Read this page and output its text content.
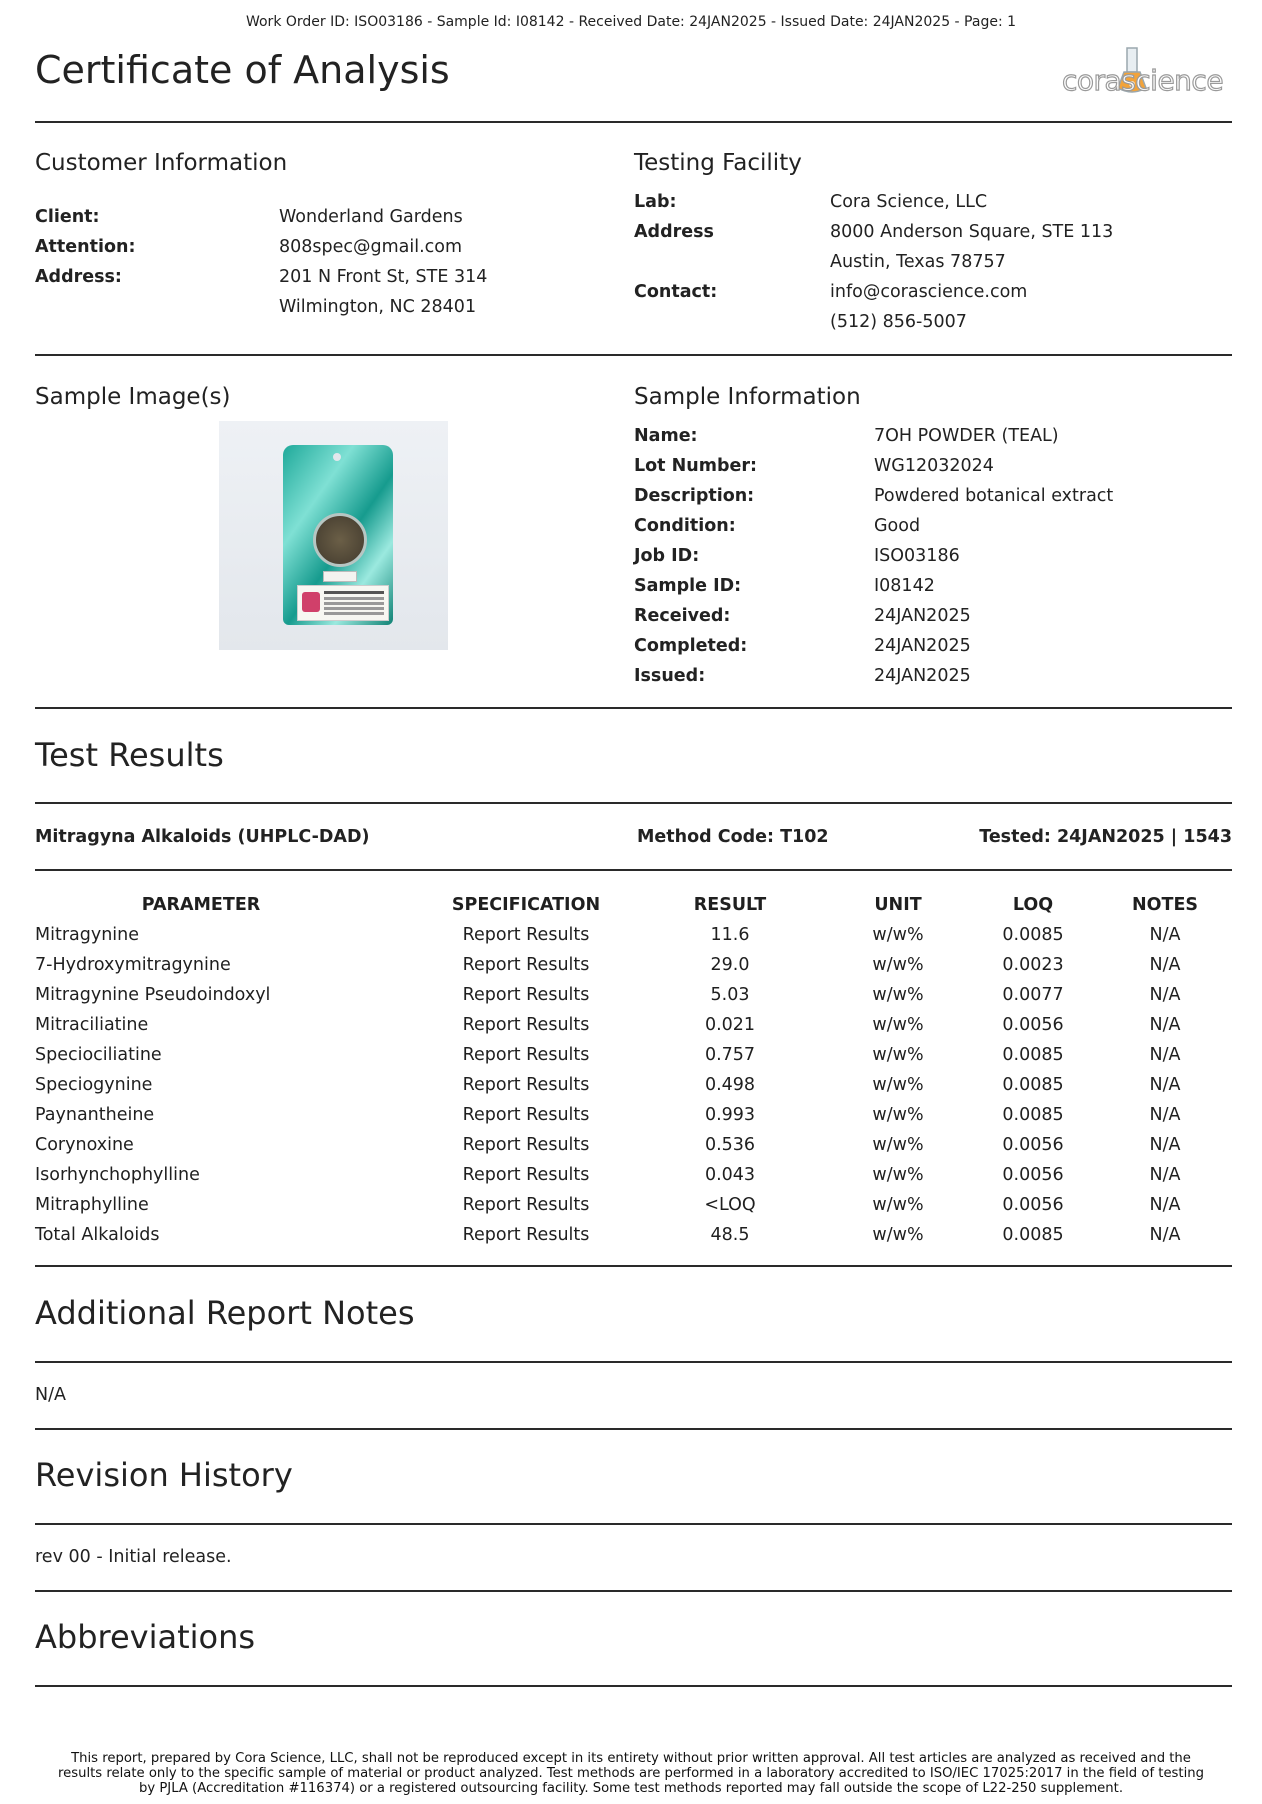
Work Order ID: ISO03186 - Sample Id: I08142 - Received Date: 24JAN2025 - Issued Date: 24JAN2025 - Page: 1
Certificate of Analysis	corascience
Customer Information
Client:	Wonderland Gardens
Attention:	808spec@gmail.com
Address:	201 N Front St, STE 314
Wilmington, NC 28401
Testing Facility
Lab:	Cora Science, LLC
Address	8000 Anderson Square, STE 113
Austin, Texas 78757
Contact:	info@corascience.com
(512) 856-5007
Sample Image(s)	Sample Information
Name:	7OH POWDER (TEAL)
Lot Number:	WG12032024
Description:	Powdered botanical extract
Condition:	Good
Job ID:	ISO03186
Sample ID:	I08142
Received:	24JAN2025
Completed:	24JAN2025
Issued:	24JAN2025
Test Results
Mitragyna Alkaloids (UHPLC-DAD)	Method Code: T102	Tested: 24JAN2025 | 1543
PARAMETER	SPECIFICATION	RESULT	UNIT	LOQ	NOTES
Mitragynine	Report Results	11.6	w/w%	0.0085	N/A
7-Hydroxymitragynine	Report Results	29.0	w/w%	0.0023	N/A
Mitragynine Pseudoindoxyl	Report Results	5.03	w/w%	0.0077	N/A
Mitraciliatine	Report Results	0.021	w/w%	0.0056	N/A
Speciociliatine	Report Results	0.757	w/w%	0.0085	N/A
Speciogynine	Report Results	0.498	w/w%	0.0085	N/A
Paynantheine	Report Results	0.993	w/w%	0.0085	N/A
Corynoxine	Report Results	0.536	w/w%	0.0056	N/A
Isorhynchophylline	Report Results	0.043	w/w%	0.0056	N/A
Mitraphylline	Report Results	<LOQ	w/w%	0.0056	N/A
Total Alkaloids	Report Results	48.5	w/w%	0.0085	N/A
Additional Report Notes
N/A
Revision History
rev 00 - Initial release.
Abbreviations
This report, prepared by Cora Science, LLC, shall not be reproduced except in its entirety without prior written approval. All test articles are analyzed as received and the
results relate only to the specific sample of material or product analyzed. Test methods are performed in a laboratory accredited to ISO/IEC 17025:2017 in the field of testing
by PJLA (Accreditation #116374) or a registered outsourcing facility. Some test methods reported may fall outside the scope of L22-250 supplement.
